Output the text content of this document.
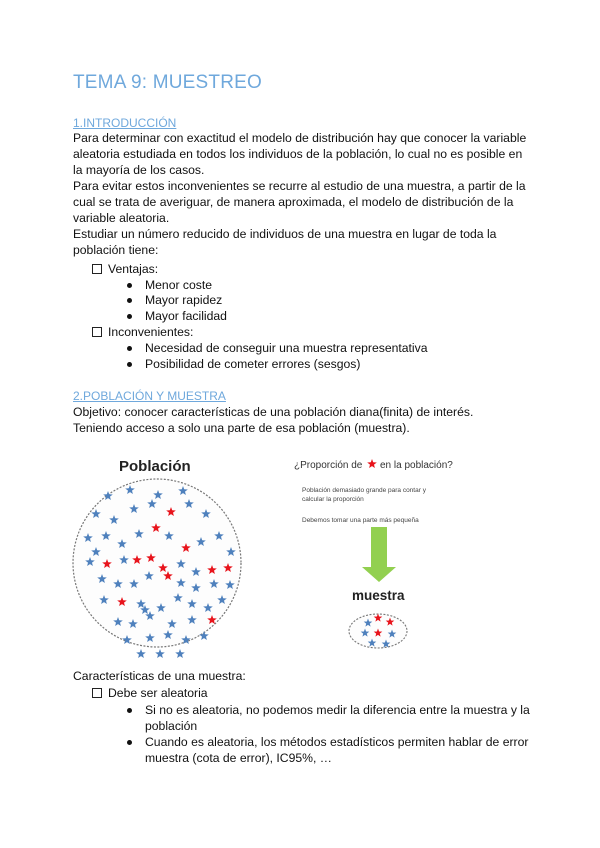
TEMA 9: MUESTREO
1.INTRODUCCIÓN

Para determinar con exactitud el modelo de distribución hay que conocer la variable

aleatoria estudiada en todos los individuos de la población, lo cual no es posible en

la mayoría de los casos.

Para evitar estos inconvenientes se recurre al estudio de una muestra, a partir de la

cual se trata de averiguar, de manera aproximada, el modelo de distribución de la

variable aleatoria.

Estudiar un número reducido de individuos de una muestra en lugar de toda la

población tiene:

Ventajas:
Menor coste
Mayor rapidez
Mayor facilidad
Inconvenientes:
Necesidad de conseguir una muestra representativa
Posibilidad de cometer errores (sesgos)
2.POBLACIÓN Y MUESTRA

Objetivo: conocer características de una población diana(finita) de interés.

Teniendo acceso a solo una parte de esa población (muestra).

Población	¿Proporción de en la población?
Población demasiado grande para contar y
calcular la proporción
Debemos tomar una parte más pequeña
muestra
Características de una muestra:
Debe ser aleatoria
Si no es aleatoria, no podemos medir la diferencia entre la muestra y la
población
Cuando es aleatoria, los métodos estadísticos permiten hablar de error
muestra (cota de error), IC95%, …
